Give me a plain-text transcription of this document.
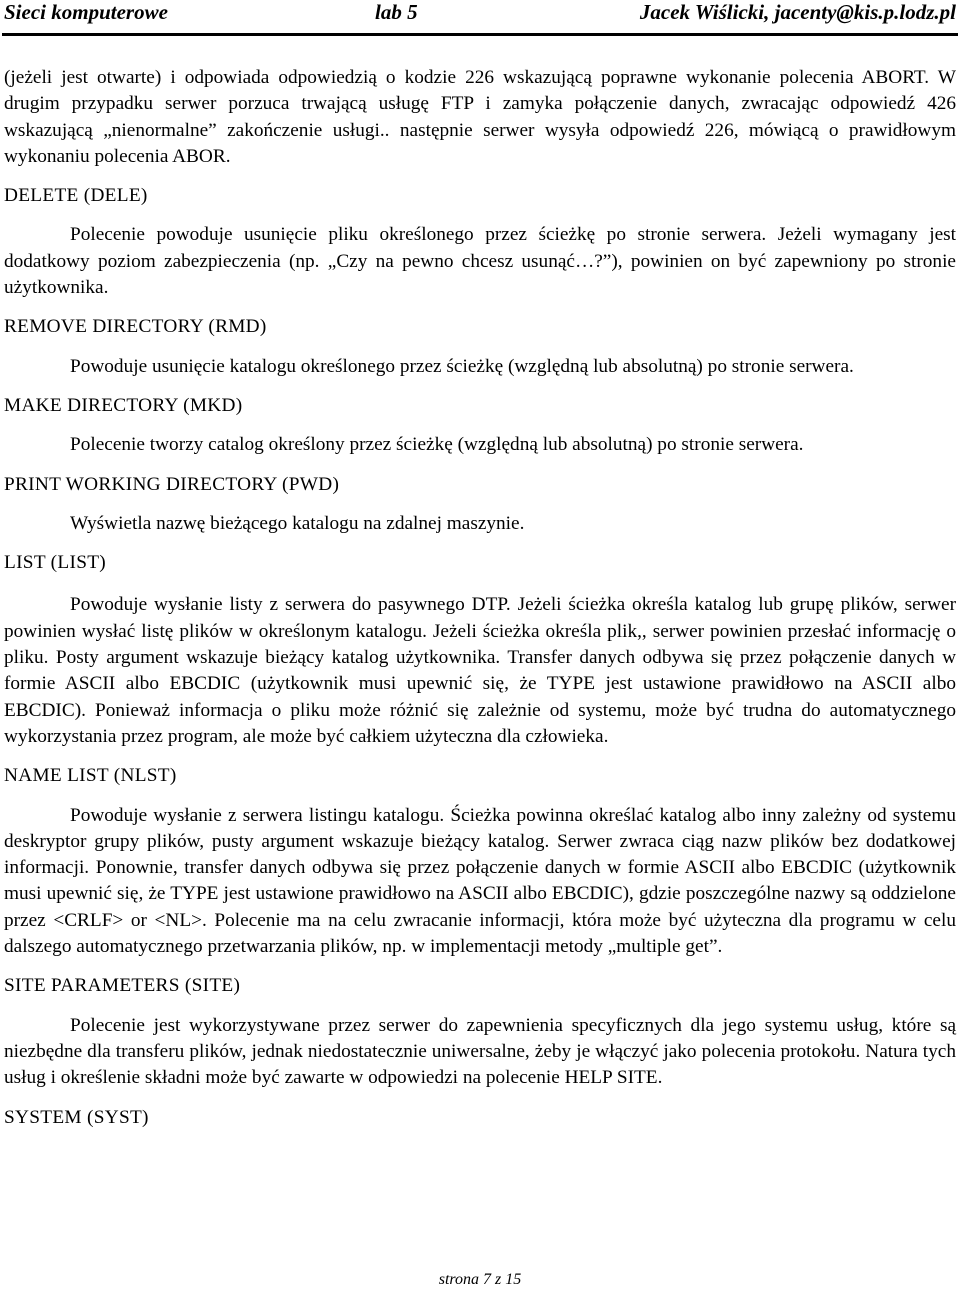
Sieci komputerowe	lab 5	Jacek Wiślicki, jacenty@kis.p.lodz.pl

(jeżeli jest otwarte) i odpowiada odpowiedzią o kodzie 226 wskazującą poprawne wykonanie polecenia ABORT. W drugim przypadku serwer porzuca trwającą usługę FTP i zamyka połączenie danych, zwracając odpowiedź 426 wskazującą „nienormalne” zakończenie usługi.. następnie serwer wysyła odpowiedź 226, mówiącą o prawidłowym wykonaniu polecenia ABOR.

DELETE (DELE)

Polecenie powoduje usunięcie pliku określonego przez ścieżkę po stronie serwera. Jeżeli wymagany jest dodatkowy poziom zabezpieczenia (np. „Czy na pewno chcesz usunąć…?”), powinien on być zapewniony po stronie użytkownika.

REMOVE DIRECTORY (RMD)

Powoduje usunięcie katalogu określonego przez ścieżkę (względną lub absolutną) po stronie serwera.

MAKE DIRECTORY (MKD)

Polecenie tworzy catalog określony przez ścieżkę (względną lub absolutną) po stronie serwera.

PRINT WORKING DIRECTORY (PWD)

Wyświetla nazwę bieżącego katalogu na zdalnej maszynie.

LIST (LIST)

Powoduje wysłanie listy z serwera do pasywnego DTP. Jeżeli ścieżka określa katalog lub grupę plików, serwer powinien wysłać listę plików w określonym katalogu. Jeżeli ścieżka określa plik,, serwer powinien przesłać informację o pliku. Posty argument wskazuje bieżący katalog użytkownika. Transfer danych odbywa się przez połączenie danych w formie ASCII albo EBCDIC (użytkownik musi upewnić się, że TYPE jest ustawione prawidłowo na ASCII albo EBCDIC). Ponieważ informacja o pliku może różnić się zależnie od systemu, może być trudna do automatycznego wykorzystania przez program, ale może być całkiem użyteczna dla człowieka.

NAME LIST (NLST)

Powoduje wysłanie z serwera listingu katalogu. Ścieżka powinna określać katalog albo inny zależny od systemu deskryptor grupy plików, pusty argument wskazuje bieżący katalog. Serwer zwraca ciąg nazw plików bez dodatkowej informacji. Ponownie, transfer danych odbywa się przez połączenie danych w formie ASCII albo EBCDIC (użytkownik musi upewnić się, że TYPE jest ustawione prawidłowo na ASCII albo EBCDIC), gdzie poszczególne nazwy są oddzielone przez <CRLF> or <NL>. Polecenie ma na celu zwracanie informacji, która może być użyteczna dla programu w celu dalszego automatycznego przetwarzania plików, np. w implementacji metody „multiple get”.

SITE PARAMETERS (SITE)

Polecenie jest wykorzystywane przez serwer do zapewnienia specyficznych dla jego systemu usług, które są niezbędne dla transferu plików, jednak niedostatecznie uniwersalne, żeby je włączyć jako polecenia protokołu. Natura tych usług i określenie składni może być zawarte w odpowiedzi na polecenie HELP SITE.

SYSTEM (SYST)
strona 7 z 15
